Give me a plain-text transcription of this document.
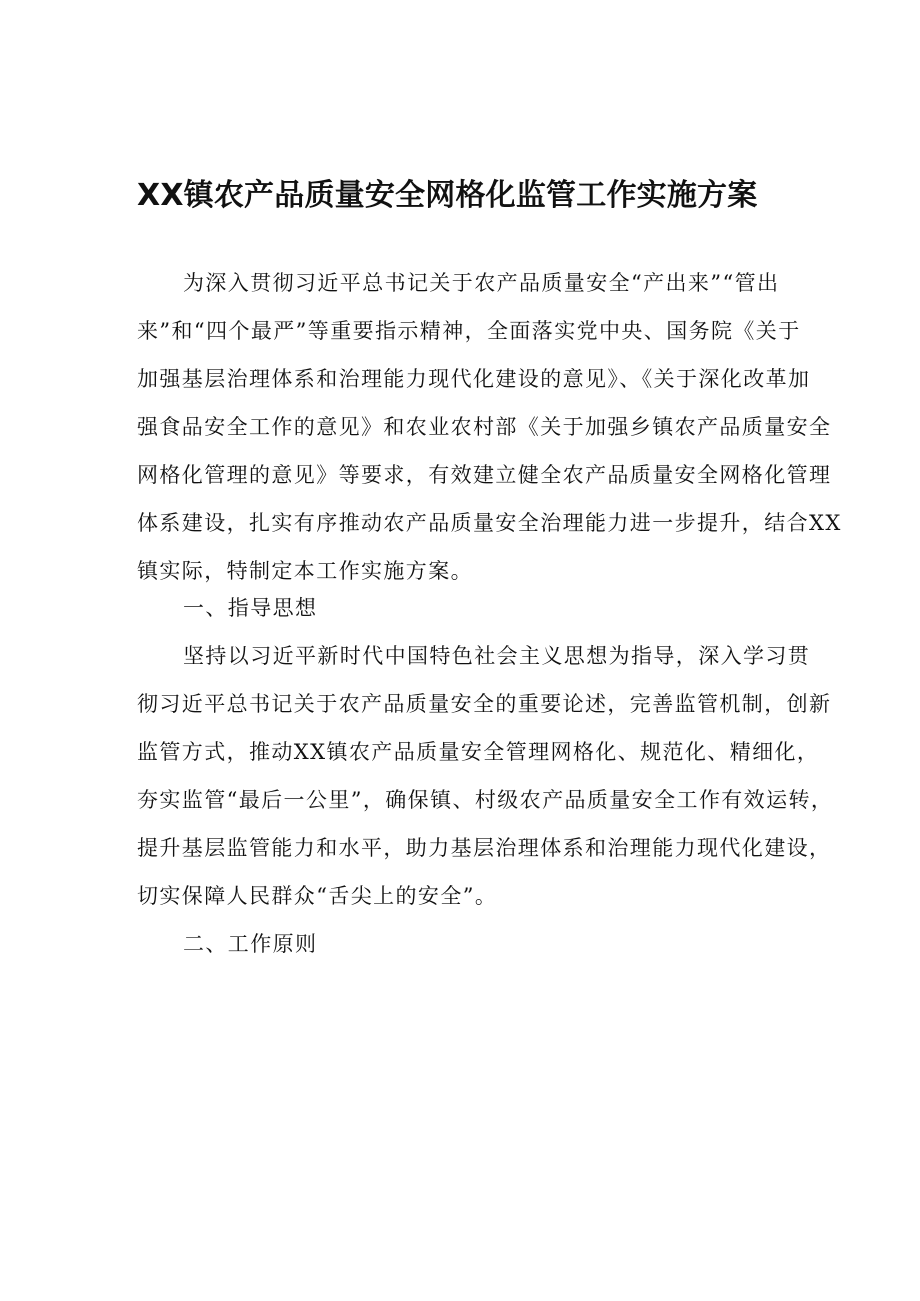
XX镇农产品质量安全网格化监管工作实施方案
为深入贯彻习近平总书记关于农产品质量安全“产出来”“管出
来”和“四个最严”等重要指示精神，全面落实党中央、国务院《关于
加强基层治理体系和治理能力现代化建设的意见》、《关于深化改革加
强食品安全工作的意见》和农业农村部《关于加强乡镇农产品质量安全
网格化管理的意见》等要求，有效建立健全农产品质量安全网格化管理
体系建设，扎实有序推动农产品质量安全治理能力进一步提升，结合XX
镇实际，特制定本工作实施方案。
一、指导思想
坚持以习近平新时代中国特色社会主义思想为指导，深入学习贯
彻习近平总书记关于农产品质量安全的重要论述，完善监管机制，创新
监管方式，推动XX镇农产品质量安全管理网格化、规范化、精细化，
夯实监管“最后一公里”，确保镇、村级农产品质量安全工作有效运转，
提升基层监管能力和水平，助力基层治理体系和治理能力现代化建设，
切实保障人民群众“舌尖上的安全”。
二、工作原则
